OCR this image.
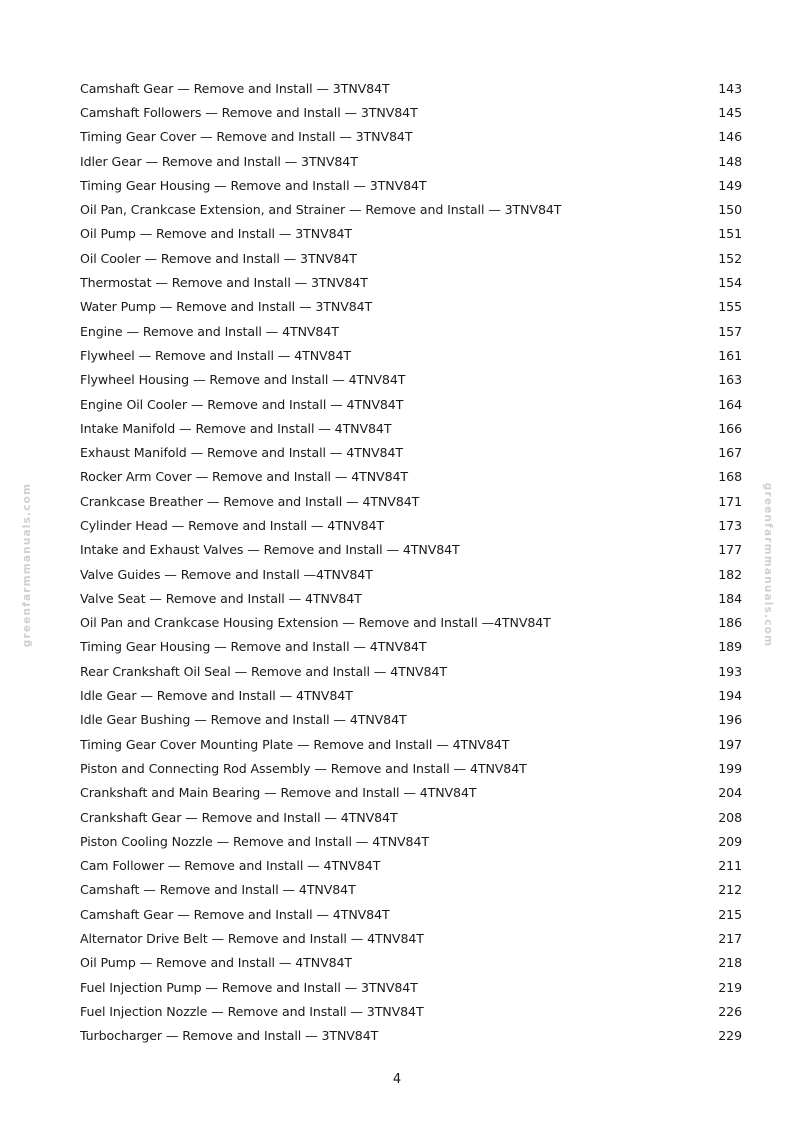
greenfarmmanuals.com	greenfarmmanuals.com
Camshaft Gear — Remove and Install — 3TNV84T	143
Camshaft Followers — Remove and Install — 3TNV84T	145
Timing Gear Cover — Remove and Install — 3TNV84T	146
Idler Gear — Remove and Install — 3TNV84T	148
Timing Gear Housing — Remove and Install — 3TNV84T	149
Oil Pan, Crankcase Extension, and Strainer — Remove and Install — 3TNV84T	150
Oil Pump — Remove and Install — 3TNV84T	151
Oil Cooler — Remove and Install — 3TNV84T	152
Thermostat — Remove and Install — 3TNV84T	154
Water Pump — Remove and Install — 3TNV84T	155
Engine — Remove and Install — 4TNV84T	157
Flywheel — Remove and Install — 4TNV84T	161
Flywheel Housing — Remove and Install — 4TNV84T	163
Engine Oil Cooler — Remove and Install — 4TNV84T	164
Intake Manifold — Remove and Install — 4TNV84T	166
Exhaust Manifold — Remove and Install — 4TNV84T	167
Rocker Arm Cover — Remove and Install — 4TNV84T	168
Crankcase Breather — Remove and Install — 4TNV84T	171
Cylinder Head — Remove and Install — 4TNV84T	173
Intake and Exhaust Valves — Remove and Install — 4TNV84T	177
Valve Guides — Remove and Install —4TNV84T	182
Valve Seat — Remove and Install — 4TNV84T	184
Oil Pan and Crankcase Housing Extension — Remove and Install —4TNV84T	186
Timing Gear Housing — Remove and Install — 4TNV84T	189
Rear Crankshaft Oil Seal — Remove and Install — 4TNV84T	193
Idle Gear — Remove and Install — 4TNV84T	194
Idle Gear Bushing — Remove and Install — 4TNV84T	196
Timing Gear Cover Mounting Plate — Remove and Install — 4TNV84T	197
Piston and Connecting Rod Assembly — Remove and Install — 4TNV84T	199
Crankshaft and Main Bearing — Remove and Install — 4TNV84T	204
Crankshaft Gear — Remove and Install — 4TNV84T	208
Piston Cooling Nozzle — Remove and Install — 4TNV84T	209
Cam Follower — Remove and Install — 4TNV84T	211
Camshaft — Remove and Install — 4TNV84T	212
Camshaft Gear — Remove and Install — 4TNV84T	215
Alternator Drive Belt — Remove and Install — 4TNV84T	217
Oil Pump — Remove and Install — 4TNV84T	218
Fuel Injection Pump — Remove and Install — 3TNV84T	219
Fuel Injection Nozzle — Remove and Install — 3TNV84T	226
Turbocharger — Remove and Install — 3TNV84T	229
4
